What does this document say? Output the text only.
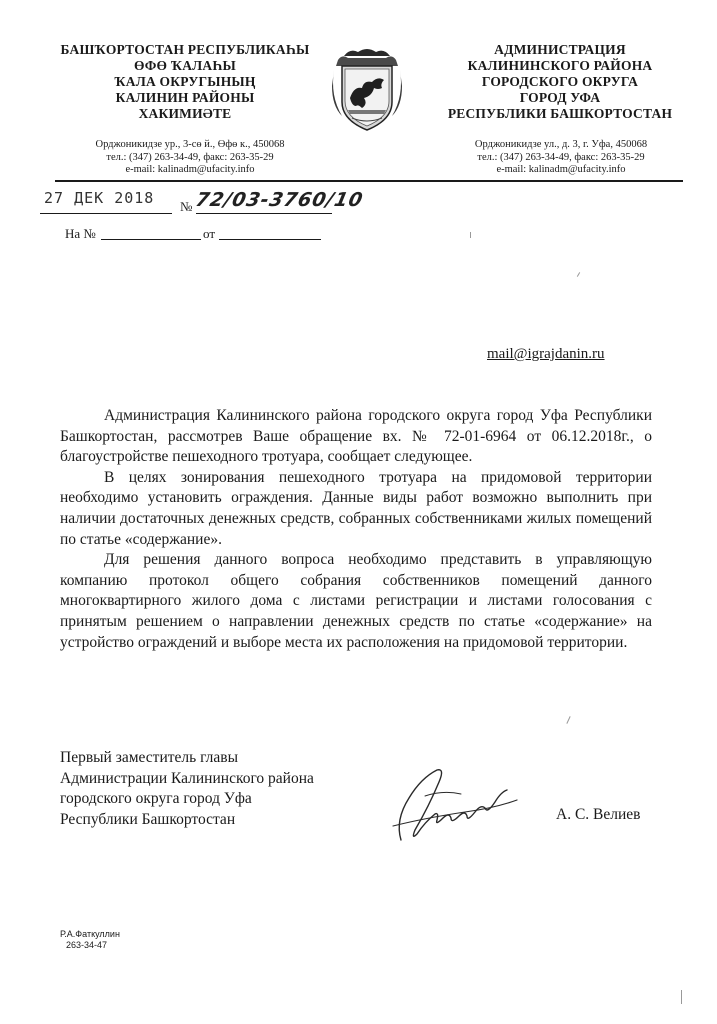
БАШҠОРТОСТАН РЕСПУБЛИКАҺЫ
ӨФӨ ҠАЛАҺЫ
ҠАЛА ОКРУГЫНЫҢ
КАЛИНИН РАЙОНЫ
ХАКИМИӘТЕ
АДМИНИСТРАЦИЯ
КАЛИНИНСКОГО РАЙОНА
ГОРОДСКОГО ОКРУГА
ГОРОД УФА
РЕСПУБЛИКИ БАШКОРТОСТАН
Орджоникидзе ур., 3-сө й., Өфө к., 450068
тел.: (347) 263-34-49, факс: 263-35-29
e-mail: kalinadm@ufacity.info
Орджоникидзе ул., д. 3, г. Уфа, 450068
тел.: (347) 263-34-49, факс: 263-35-29
e-mail: kalinadm@ufacity.info
27 ДЕК 2018 № 72/03-3760/10
На №	от
mail@igrajdanin.ru

Администрация Калининского района городского округа город Уфа Республики Башкортостан, рассмотрев Ваше обращение вх. № 72-01-6964 от 06.12.2018г., о благоустройстве пешеходного тротуара, сообщает следующее.

В целях зонирования пешеходного тротуара на придомовой территории необходимо установить ограждения. Данные виды работ возможно выполнить при наличии достаточных денежных средств, собранных собственниками жилых помещений по статье «содержание».

Для решения данного вопроса необходимо представить в управляющую компанию протокол общего собрания собственников помещений данного многоквартирного жилого дома с листами регистрации и листами голосования с принятым решением о направлении денежных средств по статье «содержание» на устройство ограждений и выборе места их расположения на придомовой территории.

Первый заместитель главы
Администрации Калининского района
городского округа город Уфа
Республики Башкортостан	А. С. Велиев
Р.А.Фаткуллин
263-34-47
